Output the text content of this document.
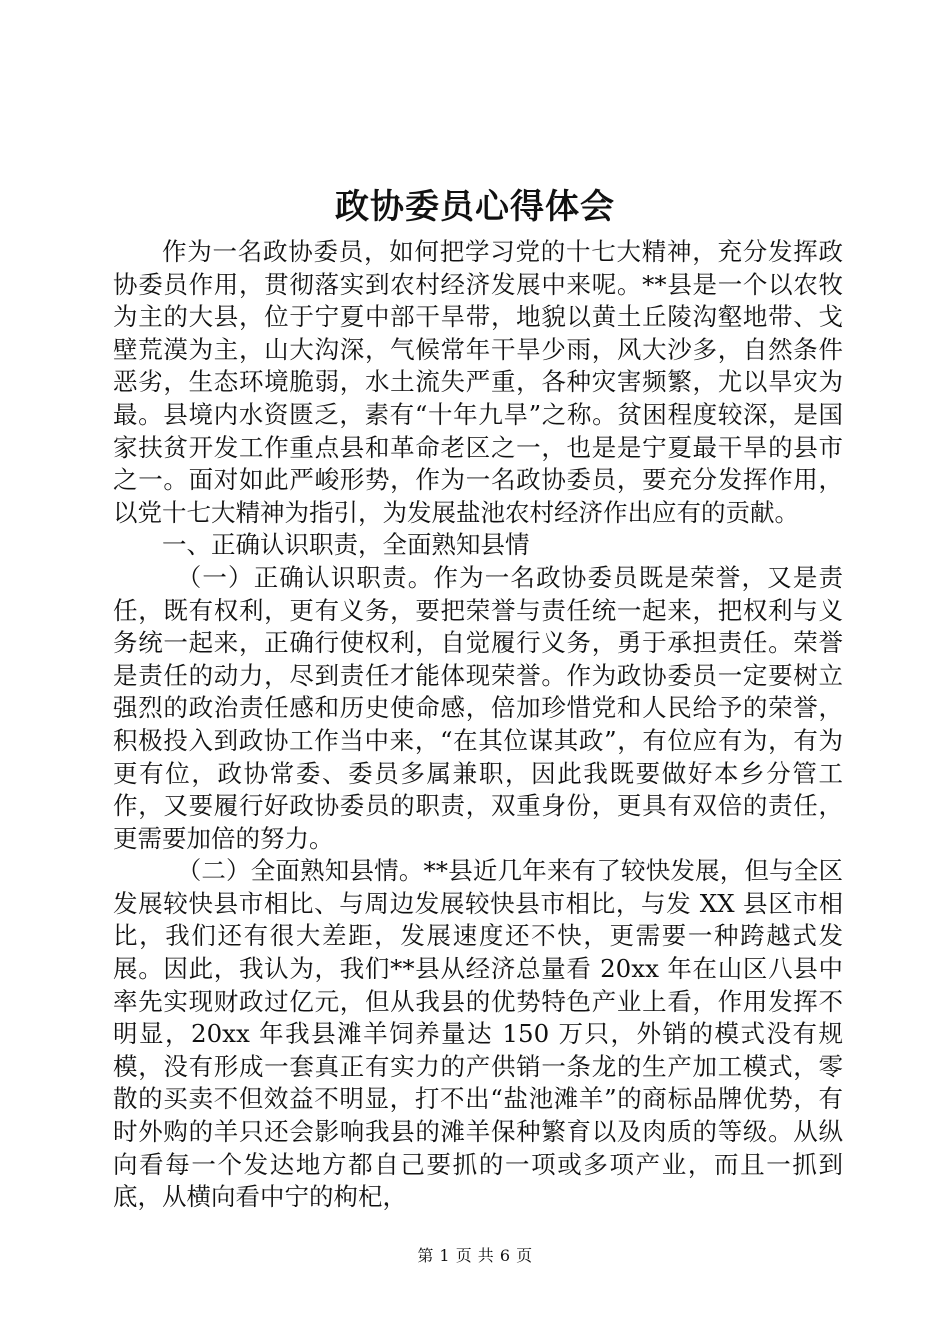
政协委员心得体会

作为一名政协委员，如何把学习党的十七大精神，充分发挥政协委员作用，贯彻落实到农村经济发展中来呢。**县是一个以农牧为主的大县，位于宁夏中部干旱带，地貌以黄土丘陵沟壑地带、戈壁荒漠为主，山大沟深，气候常年干旱少雨，风大沙多，自然条件恶劣，生态环境脆弱，水土流失严重，各种灾害频繁，尤以旱灾为最。县境内水资匮乏，素有“十年九旱”之称。贫困程度较深，是国家扶贫开发工作重点县和革命老区之一，也是是宁夏最干旱的县市之一。面对如此严峻形势，作为一名政协委员，要充分发挥作用，以党十七大精神为指引，为发展盐池农村经济作出应有的贡献。

一、正确认识职责，全面熟知县情

（一）正确认识职责。作为一名政协委员既是荣誉，又是责任，既有权利，更有义务，要把荣誉与责任统一起来，把权利与义务统一起来，正确行使权利，自觉履行义务，勇于承担责任。荣誉是责任的动力，尽到责任才能体现荣誉。作为政协委员一定要树立强烈的政治责任感和历史使命感，倍加珍惜党和人民给予的荣誉，积极投入到政协工作当中来，“在其位谋其政”，有位应有为，有为更有位，政协常委、委员多属兼职，因此我既要做好本乡分管工作，又要履行好政协委员的职责，双重身份，更具有双倍的责任，更需要加倍的努力。

（二）全面熟知县情。**县近几年来有了较快发展，但与全区发展较快县市相比、与周边发展较快县市相比，与发 XX 县区市相比，我们还有很大差距，发展速度还不快，更需要一种跨越式发展。因此，我认为，我们**县从经济总量看 20xx 年在山区八县中率先实现财政过亿元，但从我县的优势特色产业上看，作用发挥不明显，20xx 年我县滩羊饲养量达 150 万只，外销的模式没有规模，没有形成一套真正有实力的产供销一条龙的生产加工模式，零散的买卖不但效益不明显，打不出“盐池滩羊”的商标品牌优势，有时外购的羊只还会影响我县的滩羊保种繁育以及肉质的等级。从纵向看每一个发达地方都自己要抓的一项或多项产业，而且一抓到底，从横向看中宁的枸杞，

第 1 页 共 6 页
